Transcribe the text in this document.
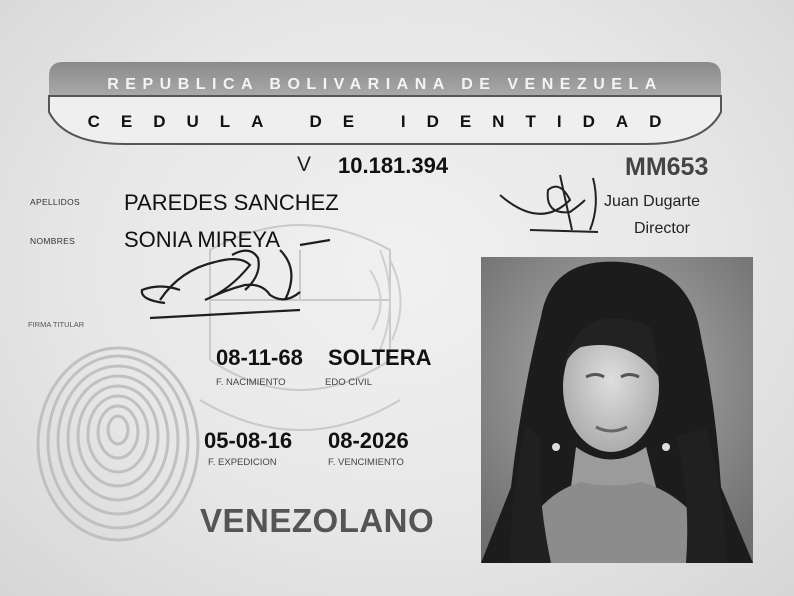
REPUBLICA BOLIVARIANA DE VENEZUELA
CEDULA DE IDENTIDAD
V 10.181.394	MM653
Juan Dugarte
Director
APELLIDOS PAREDES SANCHEZ
NOMBRES SONIA MIREYA
FIRMA TITULAR
08-11-68 SOLTERA
F. NACIMIENTO	EDO CIVIL
05-08-16 08-2026
F. EXPEDICION	F. VENCIMIENTO
VENEZOLANO
